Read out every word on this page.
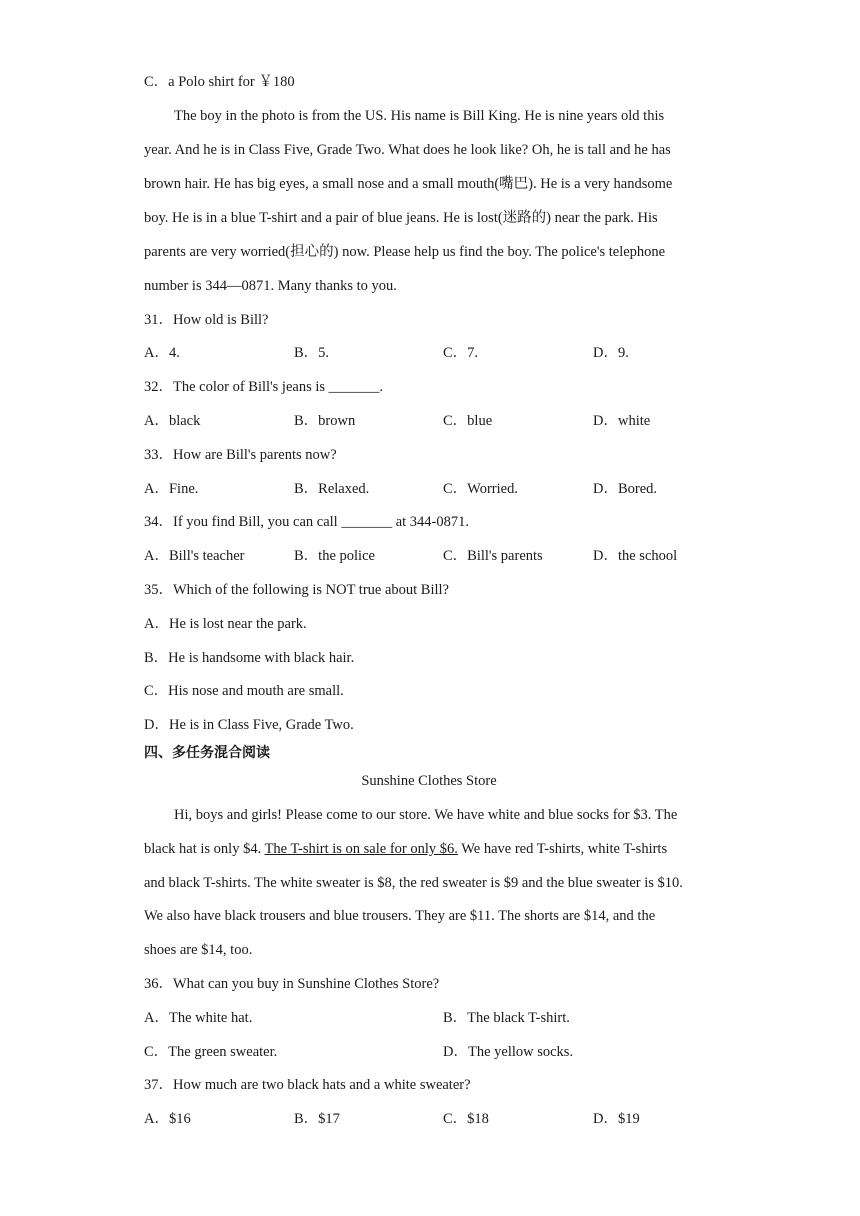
C．a Polo shirt for ￥180
The boy in the photo is from the US. His name is Bill King. He is nine years old this
year. And he is in Class Five, Grade Two. What does he look like? Oh, he is tall and he has
brown hair. He has big eyes, a small nose and a small mouth(嘴巴). He is a very handsome
boy. He is in a blue T-shirt and a pair of blue jeans. He is lost(迷路的) near the park. His
parents are very worried(担心的) now. Please help us find the boy. The police's telephone
number is 344—0871. Many thanks to you.
31．How old is Bill?
A．4.	B．5.	C．7.	D．9.
32．The color of Bill's jeans is _______.
A．black	B．brown	C．blue	D．white
33．How are Bill's parents now?
A．Fine.	B．Relaxed.	C．Worried.	D．Bored.
34．If you find Bill, you can call _______ at 344-0871.
A．Bill's teacher	B．the police	C．Bill's parents	D．the school
35．Which of the following is NOT true about Bill?
A．He is lost near the park.
B．He is handsome with black hair.
C．His nose and mouth are small.
D．He is in Class Five, Grade Two.
四、多任务混合阅读
Sunshine Clothes Store
Hi, boys and girls! Please come to our store. We have white and blue socks for $3. The
black hat is only $4. The T-shirt is on sale for only $6. We have red T-shirts, white T-shirts
and black T-shirts. The white sweater is $8, the red sweater is $9 and the blue sweater is $10.
We also have black trousers and blue trousers. They are $11. The shorts are $14, and the
shoes are $14, too.
36．What can you buy in Sunshine Clothes Store?
A．The white hat.	B．The black T-shirt.
C．The green sweater.	D．The yellow socks.
37．How much are two black hats and a white sweater?
A．$16	B．$17	C．$18	D．$19
